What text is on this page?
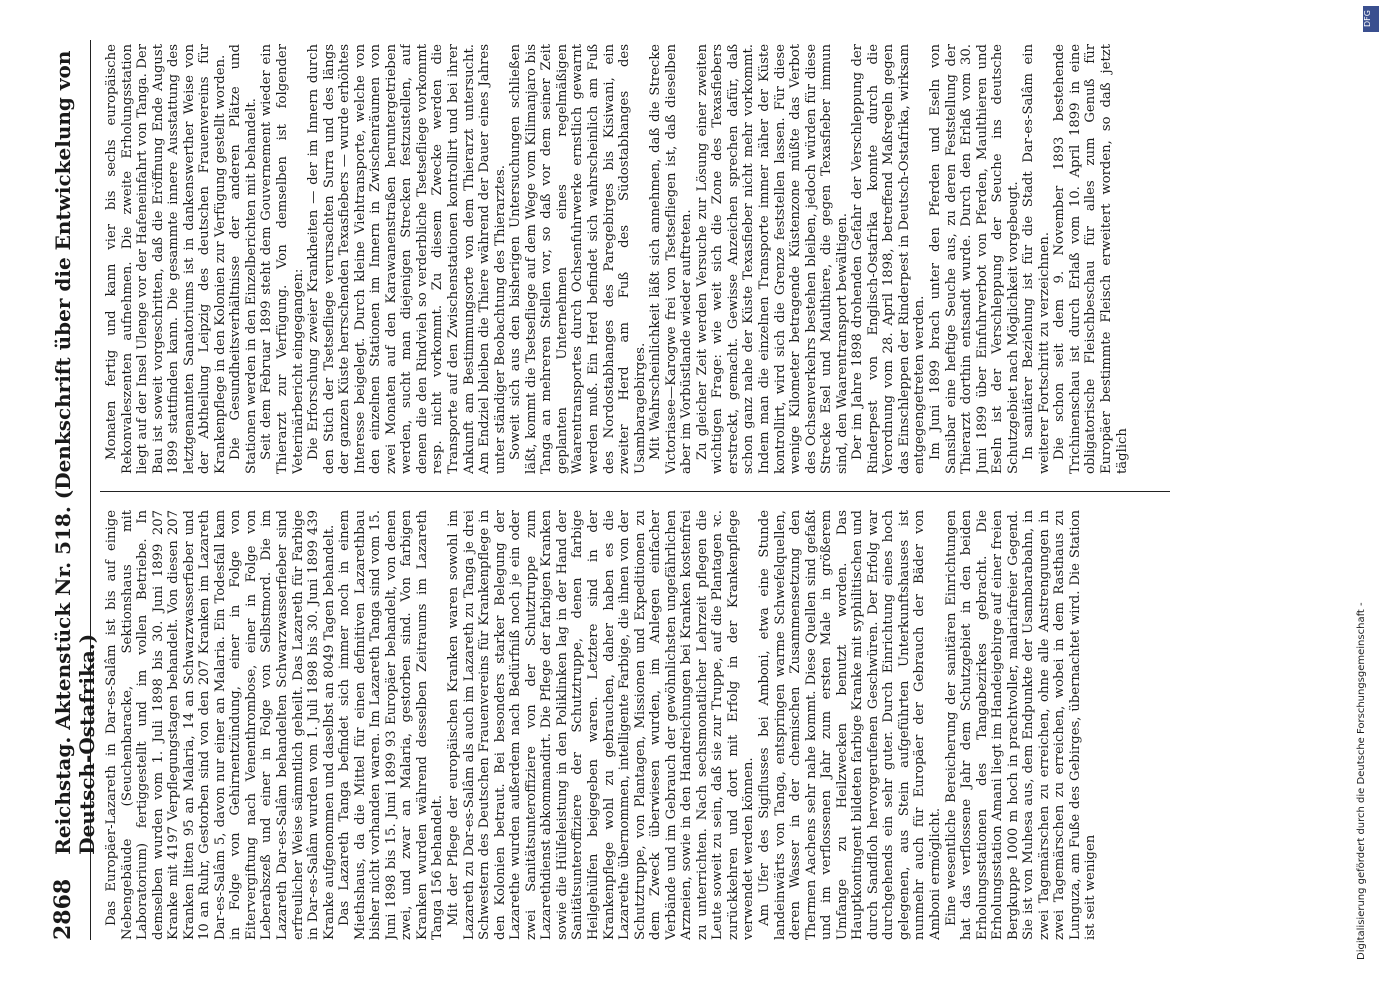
2868
Reichstag. Aktenstück Nr. 518. (Denkschrift über die Entwickelung von Deutsch-Ostafrika.) Das Europäer-Lazareth in Dar-es-Salâm ist bis auf einige Nebengebäude (Seuchenbaracke, Sektionshaus mit Laboratorium) fertiggestellt und im vollen Betriebe. In demselben wurden vom 1. Juli 1898 bis 30. Juni 1899 207 Kranke mit 4197 Verpflegungstagen behandelt. Von diesen 207 Kranken litten 95 an Malaria, 14 an Schwarzwasserfieber und 10 an Ruhr, Gestorben sind von den 207 Kranken im Lazareth Dar-es-Salâm 5, davon nur einer an Malaria. Ein Todesfall kam in Folge von Gehirnentzündung, einer in Folge von Eitervergiftung nach Venenthrombose, einer in Folge von Leberabszeß und einer in Folge von Selbstmord. Die im Lazareth Dar-es-Salâm behandelten Schwarzwasserfieber sind erfreulicher Weise sämmtlich geheilt. Das Lazareth für Farbige in Dar-es-Salâm wurden vom 1. Juli 1898 bis 30. Juni 1899 439 Kranke aufgenommen und daselbst an 8049 Tagen behandelt. Das Lazareth Tanga befindet sich immer noch in einem Miethshaus, da die Mittel für einen definitiven Lazarethbau bisher nicht vorhanden waren. Im Lazareth Tanga sind vom 15. Juni 1898 bis 15. Juni 1899 93 Europäer behandelt, von denen zwei, und zwar an Malaria, gestorben sind. Von farbigen Kranken wurden während desselben Zeitraums im Lazareth Tanga 156 behandelt. Mit der Pflege der europäischen Kranken waren sowohl im Lazareth zu Dar-es-Salâm als auch im Lazareth zu Tanga je drei Schwestern des Deutschen Frauenvereins für Krankenpflege in den Kolonien betraut. Bei besonders starker Belegung der Lazarethe wurden außerdem nach Bedürfniß noch je ein oder zwei Sanitätsunteroffiziere von der Schutztruppe zum Lazarethdienst abkommandirt. Die Pflege der farbigen Kranken sowie die Hülfeleistung in den Poliklinken lag in der Hand der Sanitätsunteroffiziere der Schutztruppe, denen farbige Heilgehülfen beigegeben waren. Letztere sind in der Krankenpflege wohl zu gebrauchen, daher haben es die Lazarethe übernommen, intelligente Farbige, die ihnen von der Schutztruppe, von Plantagen, Missionen und Expeditionen zu dem Zweck überwiesen wurden, im Anlegen einfacher Verbände und im Gebrauch der gewöhnlichsten ungefährlichen Arzneien, sowie in den Handreichungen bei Kranken kostenfrei zu unterrichten. Nach sechsmonatlicher Lehrzeit pflegen die Leute soweit zu sein, daß sie zur Truppe, auf die Plantagen ꝛc. zurückkehren und dort mit Erfolg in der Krankenpflege verwendet werden können. Am Ufer des Sigiflusses bei Amboni, etwa eine Stunde landeinwärts von Tanga, entspringen warme Schwefelquellen, deren Wasser in der chemischen Zusammensetzung den Thermen Aachens sehr nahe kommt. Diese Quellen sind gefaßt und im verflossenen Jahr zum ersten Male in größerem Umfange zu Heilzwecken benutzt worden. Das Hauptkontingent bildeten farbige Kranke mit syphilitischen und durch Sandfloh hervorgerufenen Geschwüren. Der Erfolg war durchgehends ein sehr guter. Durch Einrichtung eines hoch gelegenen, aus Stein aufgeführten Unterkunftshauses ist nunmehr auch für Europäer der Gebrauch der Bäder von Amboni ermöglicht. Eine wesentliche Bereicherung der sanitären Einrichtungen hat das verflossene Jahr dem Schutzgebiet in den beiden Erholungsstationen des Tangabezirkes gebracht. Die Erholungsstation Amani liegt im Handeigebirge auf einer freien Bergkuppe 1000 m hoch in prachtvoller, malariafreier Gegend. Sie ist von Muhesa aus, dem Endpunkte der Usambarabahn, in zwei Tagemärschen zu erreichen, ohne alle Anstrengungen in zwei Tagemärschen zu erreichen, wobei in dem Rasthaus zu Lunguza, am Fuße des Gebirges, übernachtet wird. Die Station ist seit wenigen

Monaten fertig und kann vier bis sechs europäische Rekonvaleszenten aufnehmen. Die zweite Erholungsstation liegt auf der Insel Ulenge vor der Hafeneinfahrt von Tanga. Der Bau ist soweit vorgeschritten, daß die Eröffnung Ende August 1899 stattfinden kann. Die gesammte innere Ausstattung des letztgenannten Sanatoriums ist in dankenswerther Weise von der Abtheilung Leipzig des deutschen Frauenvereins für Krankenpflege in den Kolonien zur Verfügung gestellt worden. Die Gesundheitsverhältnisse der anderen Plätze und Stationen werden in den Einzelberichten mit behandelt. Seit dem Februar 1899 steht dem Gouvernement wieder ein Thierarzt zur Verfügung. Von demselben ist folgender Veterinärbericht eingegangen: Die Erforschung zweier Krankheiten — der im Innern durch den Stich der Tsetsefliege verursachten Surra und des längs der ganzen Küste herrschenden Texasfiebers — wurde erhöhtes Interesse beigelegt. Durch kleine Viehtransporte, welche von den einzelnen Stationen im Innern in Zwischenräumen von zwei Monaten auf den Karawanenstraßen heruntergetrieben werden, sucht man diejenigen Strecken festzustellen, auf denen die den Rindvieh so verderbliche Tsetsefliege vorkommt resp. nicht vorkommt. Zu diesem Zwecke werden die Transporte auf den Zwischenstationen kontrollirt und bei ihrer Ankunft am Bestimmungsorte von dem Thierarzt untersucht. Am Endziel bleiben die Thiere während der Dauer eines Jahres unter ständiger Beobachtung des Thierarztes. Soweit sich aus den bisherigen Untersuchungen schließen läßt, kommt die Tsetsefliege auf dem Wege vom Kilimanjaro bis Tanga an mehreren Stellen vor, so daß vor dem seiner Zeit geplanten Unternehmen eines regelmäßigen Waarentransportes durch Ochsenfuhrwerke ernstlich gewarnt werden muß. Ein Herd befindet sich wahrscheinlich am Fuß des Nordostabhanges des Paregebirges bis Kisiwani, ein zweiter Herd am Fuß des Südostabhanges des Usambaragebirges. Mit Wahrscheinlichkeit läßt sich annehmen, daß die Strecke Victoriasee—Karogwe frei von Tsetsefliegen ist, daß dieselben aber im Vorbüstlande wieder auftreten. Zu gleicher Zeit werden Versuche zur Lösung einer zweiten wichtigen Frage: wie weit sich die Zone des Texasfiebers erstreckt, gemacht. Gewisse Anzeichen sprechen dafür, daß schon ganz nahe der Küste Texasfieber nicht mehr vorkommt. Indem man die einzelnen Transporte immer näher der Küste kontrollirt, wird sich die Grenze feststellen lassen. Für diese wenige Kilometer betragende Küstenzone müßte das Verbot des Ochsenverkehrs bestehen bleiben, jedoch würden für diese Strecke Esel und Maulthiere, die gegen Texasfieber immun sind, den Waarentransport bewältigen. Der im Jahre 1898 drohenden Gefahr der Verschleppung der Rinderpest von Englisch-Ostafrika konnte durch die Verordnung vom 28. April 1898, betreffend Maßregeln gegen das Einschleppen der Rinderpest in Deutsch-Ostafrika, wirksam entgegengetreten werden. Im Juni 1899 brach unter den Pferden und Eseln von Sansibar eine heftige Seuche aus, zu deren Feststellung der Thierarzt dorthin entsandt wurde. Durch den Erlaß vom 30. Juni 1899 über Einfuhrverbot von Pferden, Maulthieren und Eseln ist der Verschleppung der Seuche ins deutsche Schutzgebiet nach Möglichkeit vorgebeugt. In sanitärer Beziehung ist für die Stadt Dar-es-Salâm ein weiterer Fortschritt zu verzeichnen. Die schon seit dem 9. November 1893 bestehende Trichinenschau ist durch Erlaß vom 10. April 1899 in eine obligatorische Fleischbeschau für alles zum Genuß für Europäer bestimmte Fleisch erweitert worden, so daß jetzt täglich

Digitalisierung gefördert durch die Deutsche Forschungsgemeinschaft -
DFG
